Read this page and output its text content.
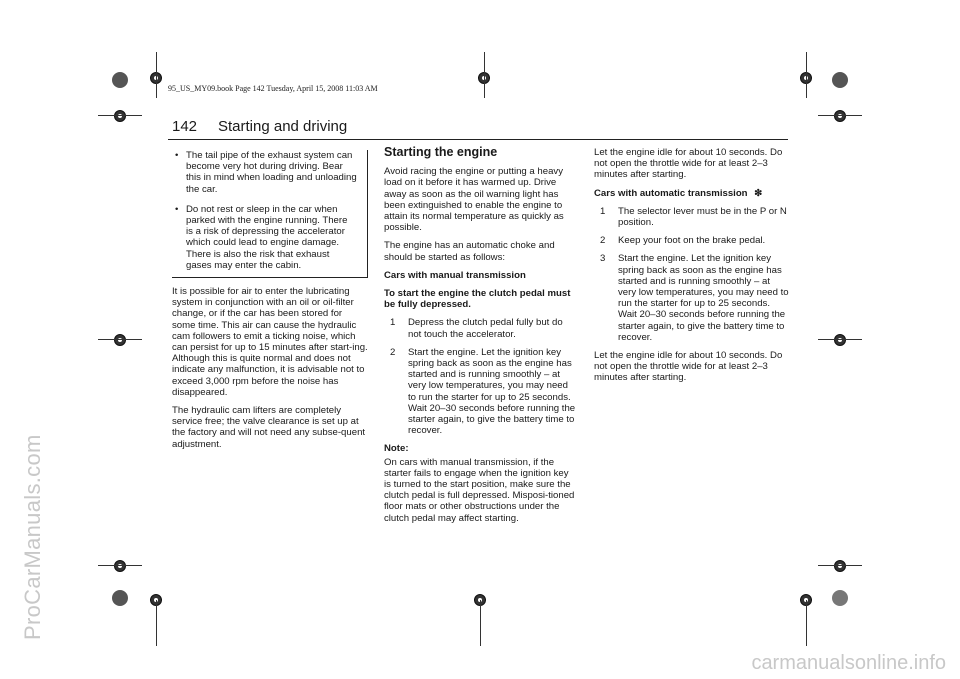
95_US_MY09.book Page 142 Tuesday, April 15, 2008 11:03 AM
ProCarManuals.com
carmanualsonline.info
142 Starting and driving
• The tail pipe of the exhaust system can become very hot during driving. Bear this in mind when loading and unloading the car.
• Do not rest or sleep in the car when parked with the engine running. There is a risk of depressing the accelerator which could lead to engine damage. There is also the risk that exhaust gases may enter the cabin.

It is possible for air to enter the lubricating system in conjunction with an oil or oil-filter change, or if the car has been stored for some time. This air can cause the hydraulic cam followers to emit a ticking noise, which can persist for up to 15 minutes after start-ing. Although this is quite normal and does not indicate any malfunction, it is advisable not to exceed 3,000 rpm before the noise has disappeared.

The hydraulic cam lifters are completely service free; the valve clearance is set up at the factory and will not need any subse-quent adjustment.

Starting the engine

Avoid racing the engine or putting a heavy load on it before it has warmed up. Drive away as soon as the oil warning light has been extinguished to enable the engine to attain its normal temperature as quickly as possible.

The engine has an automatic choke and should be started as follows:

Cars with manual transmission

To start the engine the clutch pedal must be fully depressed.

1 Depress the clutch pedal fully but do not touch the accelerator.
2 Start the engine. Let the ignition key spring back as soon as the engine has started and is running smoothly – at very low temperatures, you may need to run the starter for up to 25 seconds. Wait 20–30 seconds before running the starter again, to give the battery time to recover.

Note:

On cars with manual transmission, if the starter fails to engage when the ignition key is turned to the start position, make sure the clutch pedal is full depressed. Misposi-tioned floor mats or other obstructions under the clutch pedal may affect starting.

Let the engine idle for about 10 seconds. Do not open the throttle wide for at least 2–3 minutes after starting.

Cars with automatic transmission ❇

1 The selector lever must be in the P or N position.
2 Keep your foot on the brake pedal.
3 Start the engine. Let the ignition key spring back as soon as the engine has started and is running smoothly – at very low temperatures, you may need to run the starter for up to 25 seconds. Wait 20–30 seconds before running the starter again, to give the battery time to recover.

Let the engine idle for about 10 seconds. Do not open the throttle wide for at least 2–3 minutes after starting.
